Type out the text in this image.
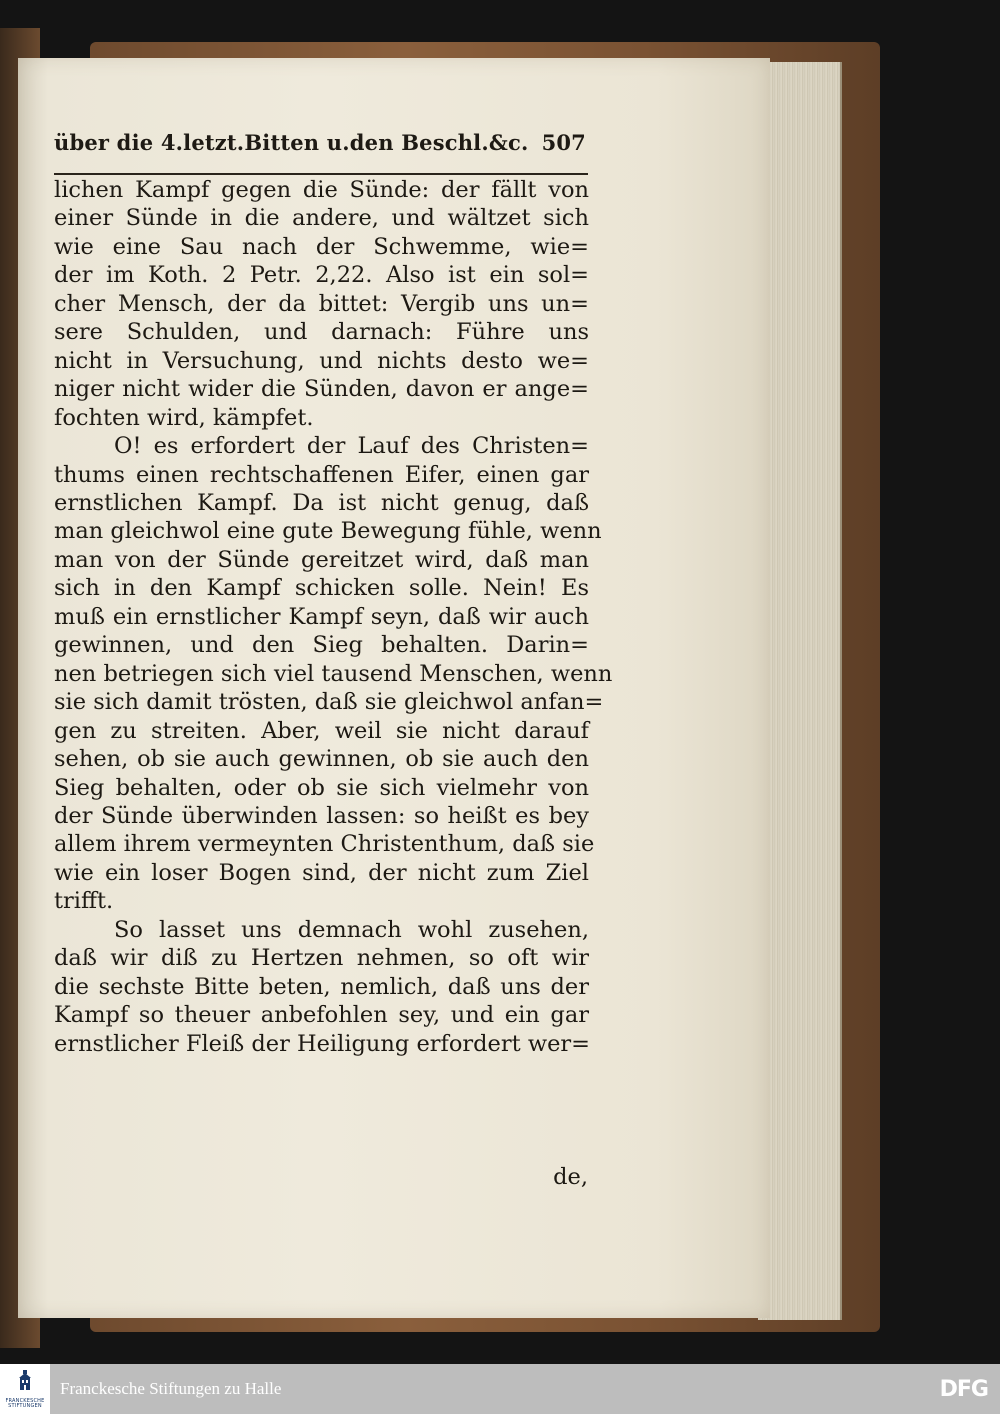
über die 4.letzt.Bitten u.den Beschl.&c. 507
lichen Kampf gegen die Sünde: der fällt von
einer Sünde in die andere, und wältzet sich
wie eine Sau nach der Schwemme, wie=
der im Koth. 2 Petr. 2,22. Also ist ein sol=
cher Mensch, der da bittet: Vergib uns un=
sere Schulden, und darnach: Führe uns
nicht in Versuchung, und nichts desto we=
niger nicht wider die Sünden, davon er ange=
fochten wird, kämpfet.
O! es erfordert der Lauf des Christen=
thums einen rechtschaffenen Eifer, einen gar
ernstlichen Kampf. Da ist nicht genug, daß
man gleichwol eine gute Bewegung fühle, wenn
man von der Sünde gereitzet wird, daß man
sich in den Kampf schicken solle. Nein! Es
muß ein ernstlicher Kampf seyn, daß wir auch
gewinnen, und den Sieg behalten. Darin=
nen betriegen sich viel tausend Menschen, wenn
sie sich damit trösten, daß sie gleichwol anfan=
gen zu streiten. Aber, weil sie nicht darauf
sehen, ob sie auch gewinnen, ob sie auch den
Sieg behalten, oder ob sie sich vielmehr von
der Sünde überwinden lassen: so heißt es bey
allem ihrem vermeynten Christenthum, daß sie
wie ein loser Bogen sind, der nicht zum Ziel
trifft.
So lasset uns demnach wohl zusehen,
daß wir diß zu Hertzen nehmen, so oft wir
die sechste Bitte beten, nemlich, daß uns der
Kampf so theuer anbefohlen sey, und ein gar
ernstlicher Fleiß der Heiligung erfordert wer=
de,
FRANCKESCHE
STIFTUNGEN
Franckesche Stiftungen zu Halle	DFG
